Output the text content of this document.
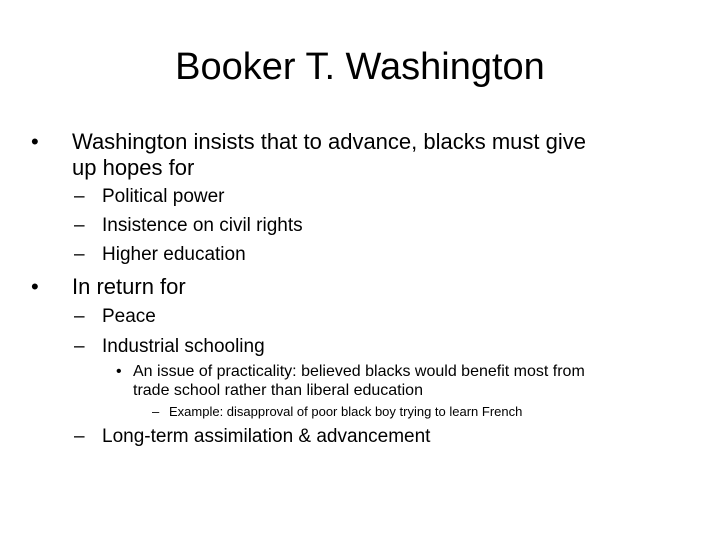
Booker T. Washington
• Washington insists that to advance, blacks must give
up hopes for
– Political power
– Insistence on civil rights
– Higher education
• In return for
– Peace
– Industrial schooling
• An issue of practicality: believed blacks would benefit most from
trade school rather than liberal education
– Example: disapproval of poor black boy trying to learn French
– Long-term assimilation & advancement
